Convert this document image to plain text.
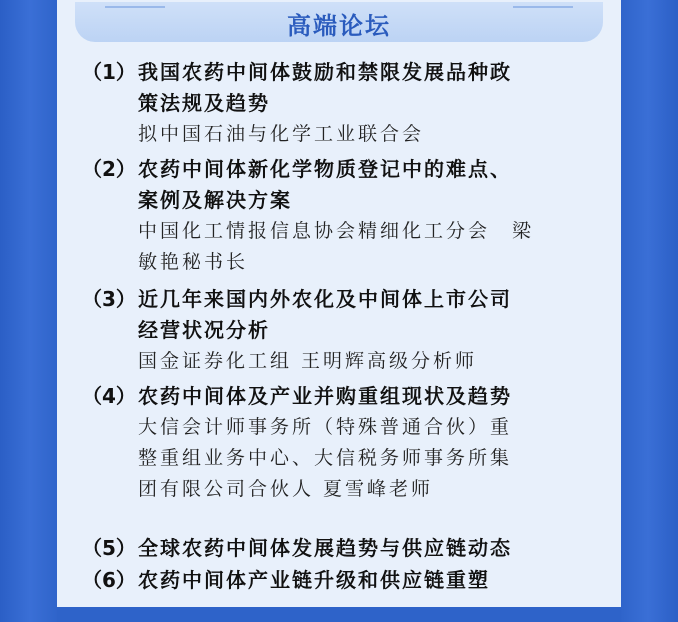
高端论坛
（1） 我国农药中间体鼓励和禁限发展品种政
策法规及趋势
拟中国石油与化学工业联合会
（2） 农药中间体新化学物质登记中的难点、
案例及解决方案
中国化工情报信息协会精细化工分会　梁
敏艳秘书长
（3） 近几年来国内外农化及中间体上市公司
经营状况分析
国金证券化工组 王明辉高级分析师
（4） 农药中间体及产业并购重组现状及趋势
大信会计师事务所（特殊普通合伙）重
整重组业务中心、大信税务师事务所集
团有限公司合伙人 夏雪峰老师
（5） 全球农药中间体发展趋势与供应链动态
（6） 农药中间体产业链升级和供应链重塑
